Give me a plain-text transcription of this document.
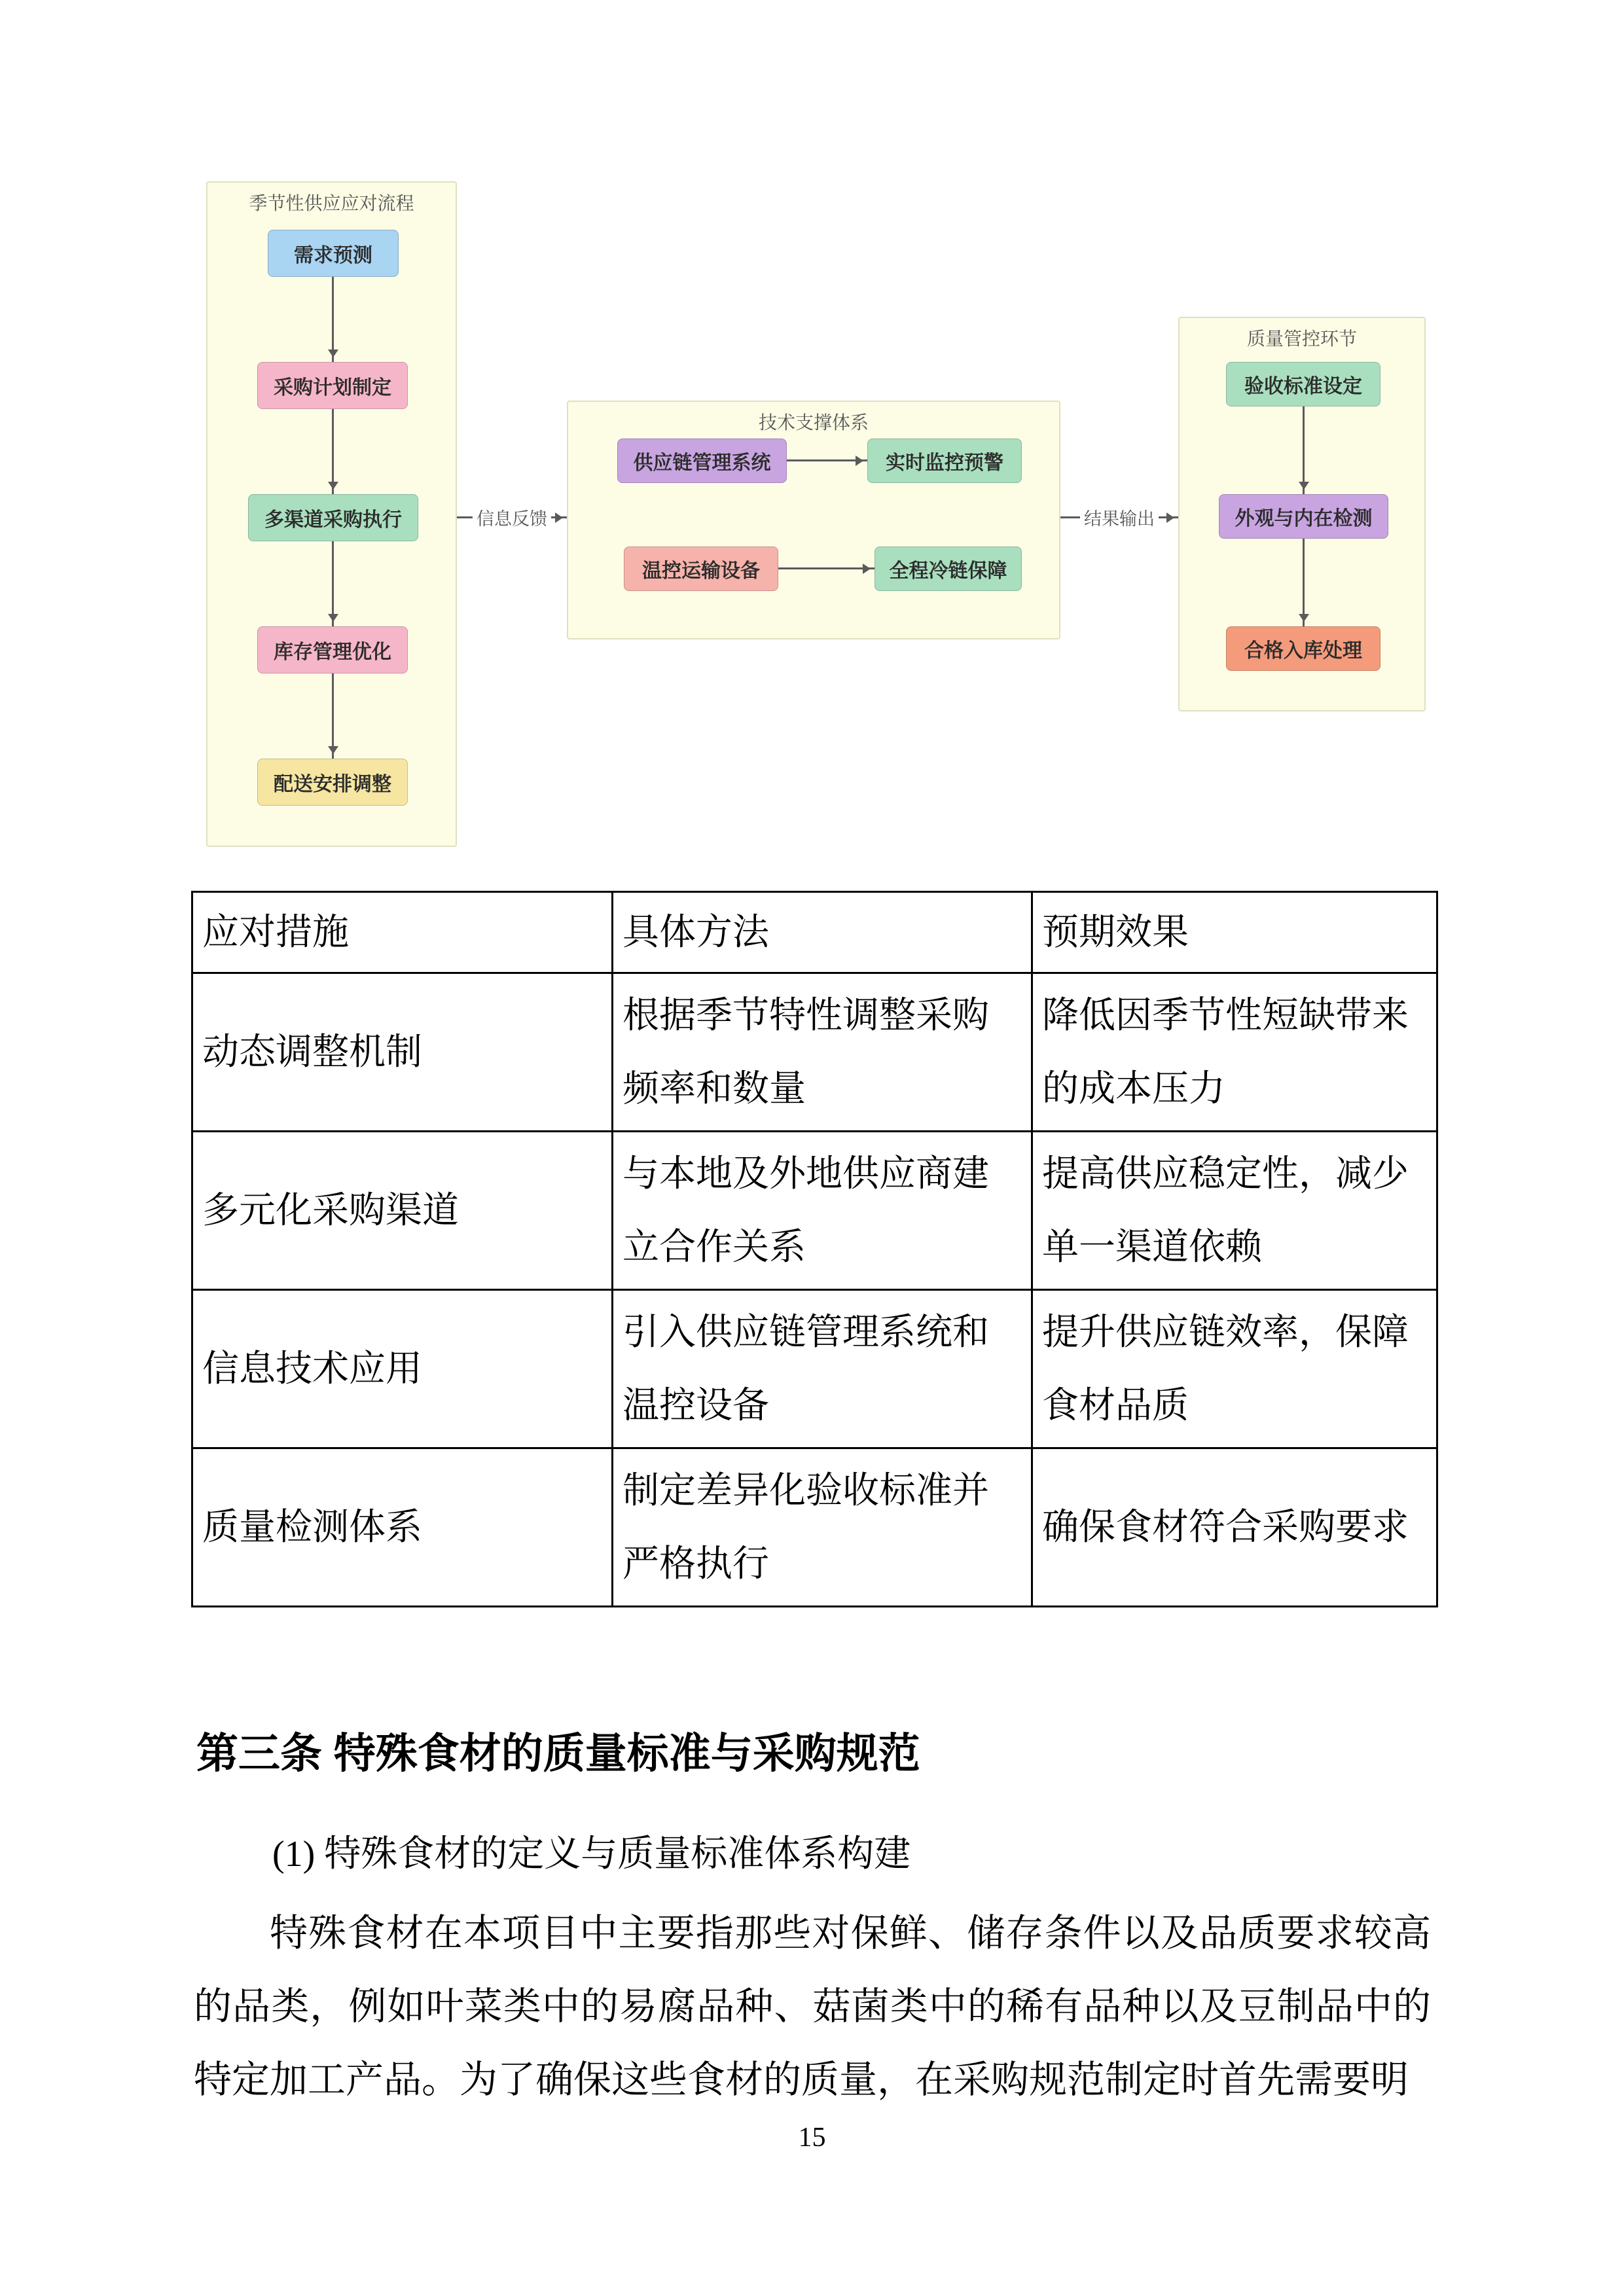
季节性供应应对流程
需求预测
采购计划制定
多渠道采购执行
库存管理优化
配送安排调整
信息反馈
技术支撑体系
供应链管理系统	实时监控预警
温控运输设备	全程冷链保障
结果输出
质量管控环节
验收标准设定
外观与内在检测
合格入库处理
应对措施	具体方法	预期效果
动态调整机制	根据季节特性调整采购频率和数量	降低因季节性短缺带来的成本压力
多元化采购渠道	与本地及外地供应商建立合作关系	提高供应稳定性，减少单一渠道依赖
信息技术应用	引入供应链管理系统和温控设备	提升供应链效率，保障食材品质
质量检测体系	制定差异化验收标准并严格执行	确保食材符合采购要求
第三条 特殊食材的质量标准与采购规范
(1) 特殊食材的定义与质量标准体系构建
特殊食材在本项目中主要指那些对保鲜、储存条件以及品质要求较高的品类，例如叶菜类中的易腐品种、菇菌类中的稀有品种以及豆制品中的特定加工产品。为了确保这些食材的质量，在采购规范制定时首先需要明
15
